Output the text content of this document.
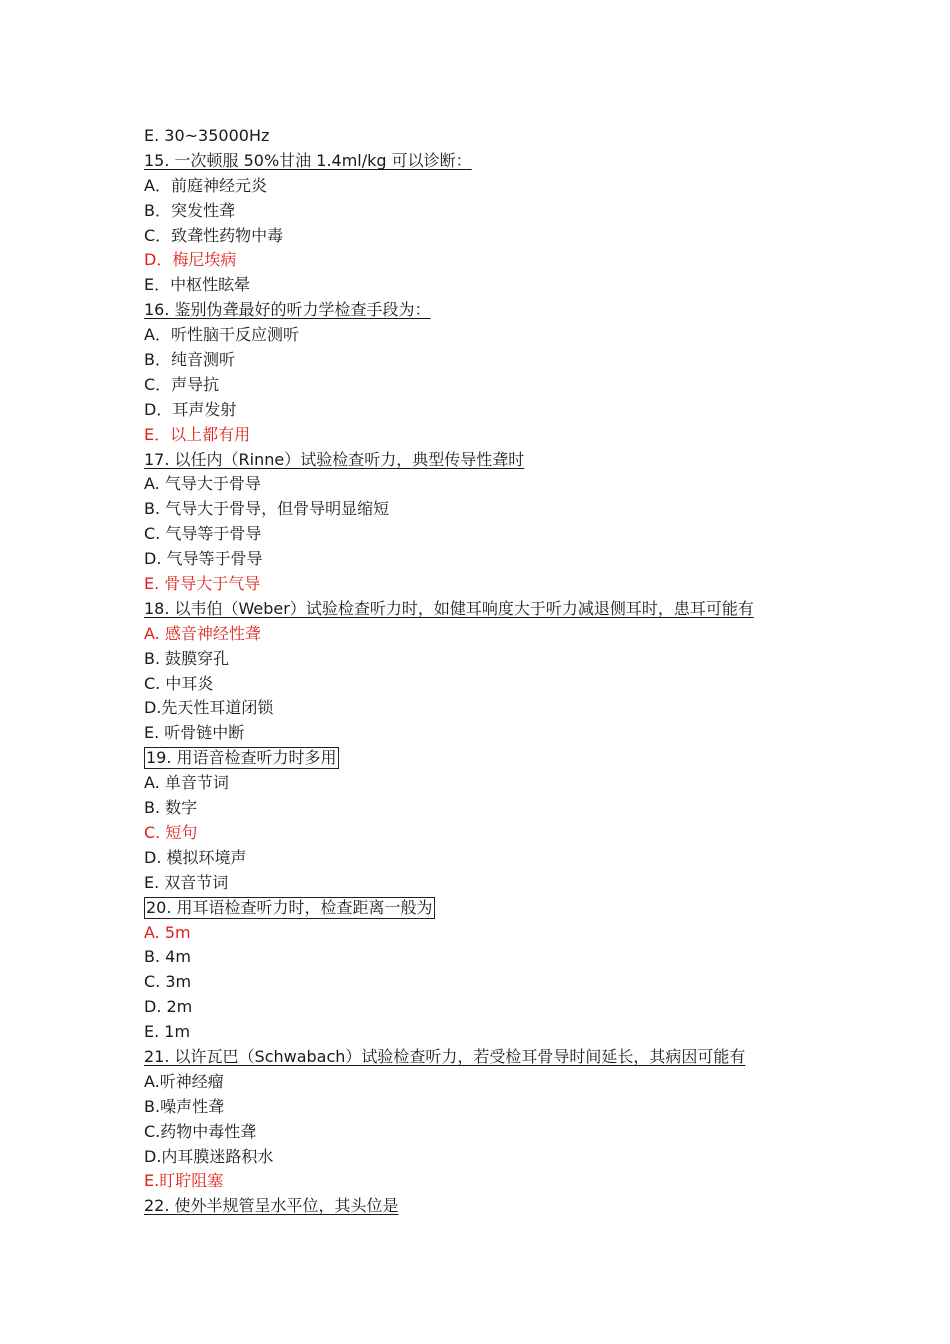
E. 30~35000Hz
15. 一次顿服 50%甘油 1.4ml/kg 可以诊断：
A．前庭神经元炎
B．突发性聋
C．致聋性药物中毒
D．梅尼埃病
E．中枢性眩晕
16. 鉴别伪聋最好的听力学检查手段为：
A．听性脑干反应测听
B．纯音测听
C．声导抗
D．耳声发射
E．以上都有用
17. 以任内（Rinne）试验检查听力，典型传导性聋时
A. 气导大于骨导
B. 气导大于骨导，但骨导明显缩短
C. 气导等于骨导
D. 气导等于骨导
E. 骨导大于气导
18. 以韦伯（Weber）试验检查听力时，如健耳响度大于听力减退侧耳时，患耳可能有
A. 感音神经性聋
B. 鼓膜穿孔
C. 中耳炎
D.先天性耳道闭锁
E. 听骨链中断
19. 用语音检查听力时多用
A. 单音节词
B. 数字
C. 短句
D. 模拟环境声
E. 双音节词
20. 用耳语检查听力时，检查距离一般为
A. 5m
B. 4m
C. 3m
D. 2m
E. 1m
21. 以许瓦巴（Schwabach）试验检查听力，若受检耳骨导时间延长，其病因可能有
A.听神经瘤
B.噪声性聋
C.药物中毒性聋
D.内耳膜迷路积水
E.盯聍阻塞
22. 使外半规管呈水平位，其头位是
